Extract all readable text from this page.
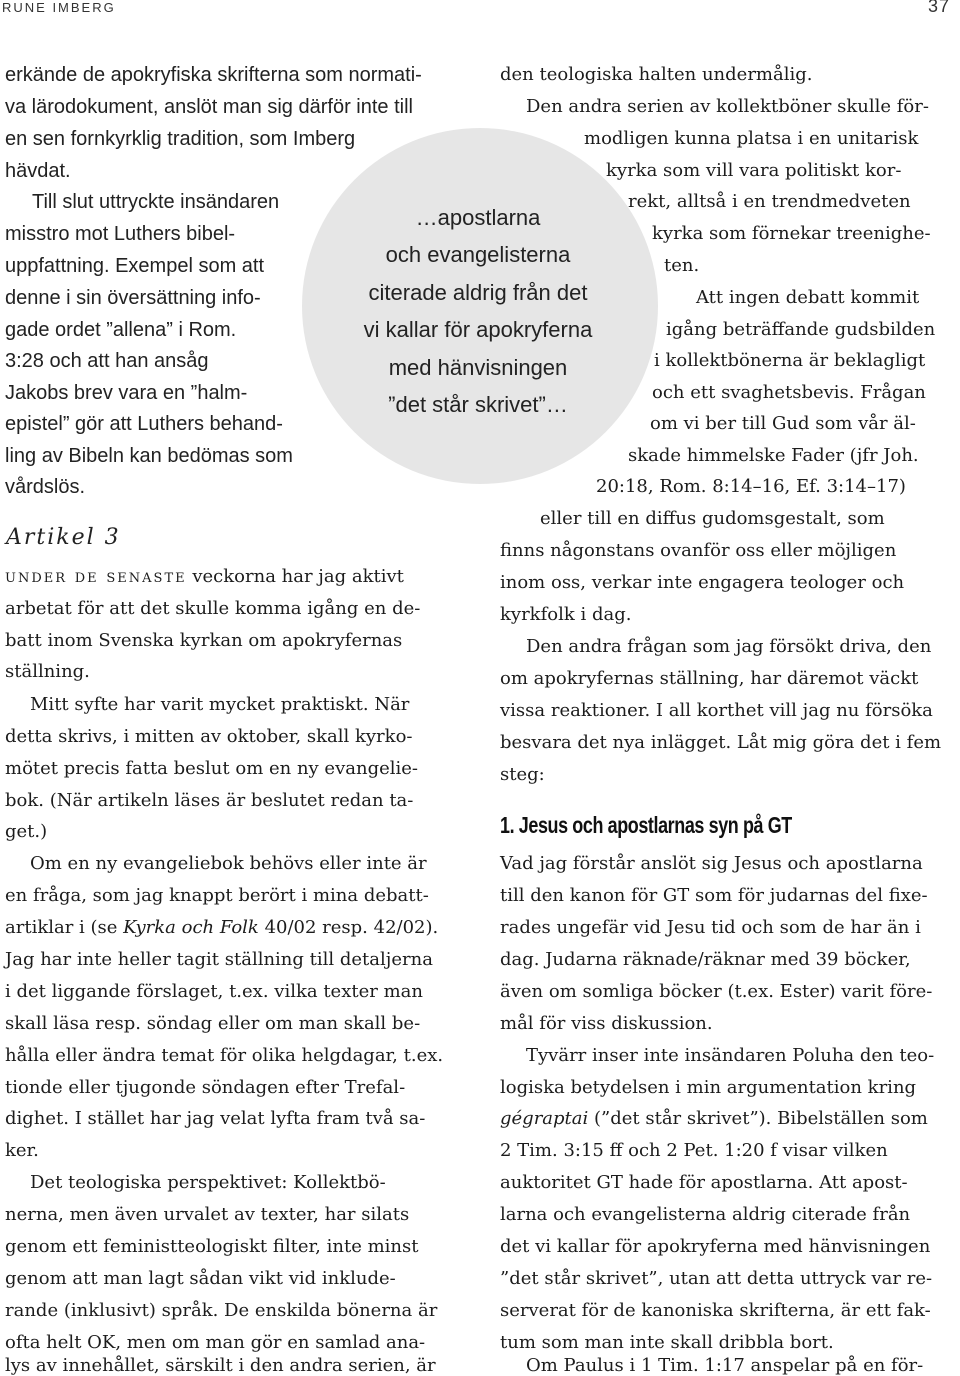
RUNE IMBERG	37
…apostlarna
och evangelisterna
citerade aldrig från det
vi kallar för apokryferna
med hänvisningen
”det står skrivet”…
erkände de apokryfiska skrifterna som normati-
va lärodokument, anslöt man sig därför inte till
en sen fornkyrklig tradition, som Imberg
hävdat.
Till slut uttryckte insändaren
misstro mot Luthers bibel-
uppfattning. Exempel som att
denne i sin översättning info-
gade ordet ”allena” i Rom.
3:28 och att han ansåg
Jakobs brev vara en ”halm-
epistel” gör att Luthers behand-
ling av Bibeln kan bedömas som
vårdslös.
Artikel 3
under de senaste veckorna har jag aktivt
arbetat för att det skulle komma igång en de-
batt inom Svenska kyrkan om apokryfernas
ställning.
Mitt syfte har varit mycket praktiskt. När
detta skrivs, i mitten av oktober, skall kyrko-
mötet precis fatta beslut om en ny evangelie-
bok. (När artikeln läses är beslutet redan ta-
get.)
Om en ny evangeliebok behövs eller inte är
en fråga, som jag knappt berört i mina debatt-
artiklar i (se Kyrka och Folk 40/02 resp. 42/02).
Jag har inte heller tagit ställning till detaljerna
i det liggande förslaget, t.ex. vilka texter man
skall läsa resp. söndag eller om man skall be-
hålla eller ändra temat för olika helgdagar, t.ex.
tionde eller tjugonde söndagen efter Trefal-
dighet. I stället har jag velat lyfta fram två sa-
ker.
Det teologiska perspektivet: Kollektbö-
nerna, men även urvalet av texter, har silats
genom ett feministteologiskt filter, inte minst
genom att man lagt sådan vikt vid inklude-
rande (inklusivt) språk. De enskilda bönerna är
ofta helt OK, men om man gör en samlad ana-
lys av innehållet, särskilt i den andra serien, är
den teologiska halten undermålig.
Den andra serien av kollektböner skulle för-
modligen kunna platsa i en unitarisk
kyrka som vill vara politiskt kor-
rekt, alltså i en trendmedveten
kyrka som förnekar treenighe-
ten.
Att ingen debatt kommit
igång beträffande gudsbilden
i kollektbönerna är beklagligt
och ett svaghetsbevis. Frågan
om vi ber till Gud som vår äl-
skade himmelske Fader (jfr Joh.
20:18, Rom. 8:14–16, Ef. 3:14–17)
eller till en diffus gudomsgestalt, som
finns någonstans ovanför oss eller möjligen
inom oss, verkar inte engagera teologer och
kyrkfolk i dag.
Den andra frågan som jag försökt driva, den
om apokryfernas ställning, har däremot väckt
vissa reaktioner. I all korthet vill jag nu försöka
besvara det nya inlägget. Låt mig göra det i fem
steg:
1. Jesus och apostlarnas syn på GT
Vad jag förstår anslöt sig Jesus och apostlarna
till den kanon för GT som för judarnas del fixe-
rades ungefär vid Jesu tid och som de har än i
dag. Judarna räknade/räknar med 39 böcker,
även om somliga böcker (t.ex. Ester) varit före-
mål för viss diskussion.
Tyvärr inser inte insändaren Poluha den teo-
logiska betydelsen i min argumentation kring
gégraptai (”det står skrivet”). Bibelställen som
2 Tim. 3:15 ff och 2 Pet. 1:20 f visar vilken
auktoritet GT hade för apostlarna. Att apost-
larna och evangelisterna aldrig citerade från
det vi kallar för apokryferna med hänvisningen
”det står skrivet”, utan att detta uttryck var re-
serverat för de kanoniska skrifterna, är ett fak-
tum som man inte skall dribbla bort.
Om Paulus i 1 Tim. 1:17 anspelar på en för-
